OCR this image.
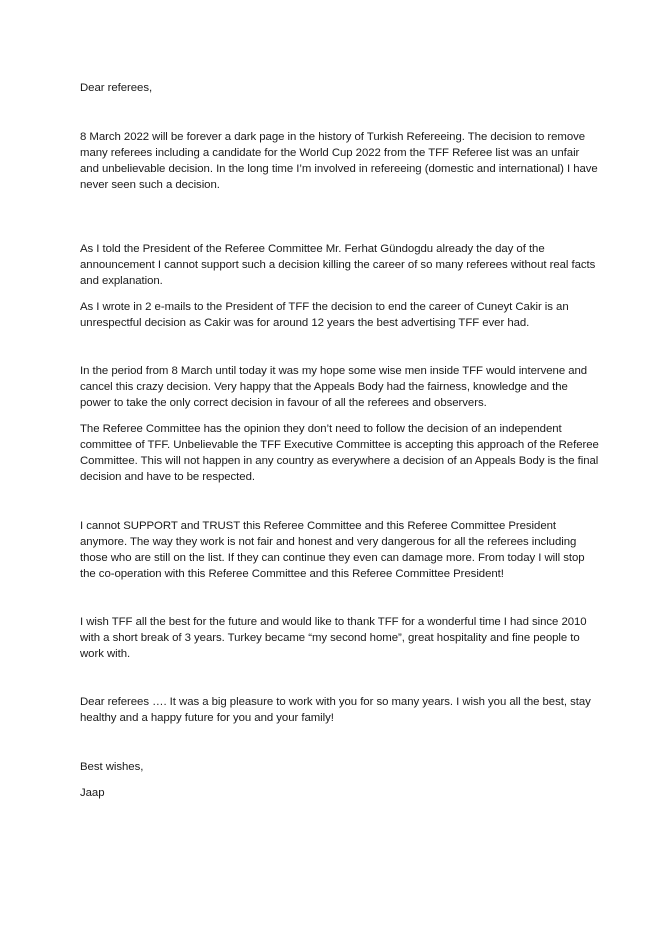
Dear referees,

8 March 2022 will be forever a dark page in the history of Turkish Refereeing. The decision to remove many referees including a candidate for the World Cup 2022 from the TFF Referee list was an unfair and unbelievable decision. In the long time I’m involved in refereeing (domestic and international) I have never seen such a decision.

As I told the President of the Referee Committee Mr. Ferhat Gündogdu already the day of the announcement I cannot support such a decision killing the career of so many referees without real facts and explanation.

As I wrote in 2 e-mails to the President of TFF the decision to end the career of Cuneyt Cakir is an unrespectful decision as Cakir was for around 12 years the best advertising TFF ever had.

In the period from 8 March until today it was my hope some wise men inside TFF would intervene and cancel this crazy decision. Very happy that the Appeals Body had the fairness, knowledge and the power to take the only correct decision in favour of all the referees and observers.

The Referee Committee has the opinion they don’t need to follow the decision of an independent committee of TFF. Unbelievable the TFF Executive Committee is accepting this approach of the Referee Committee. This will not happen in any country as everywhere a decision of an Appeals Body is the final decision and have to be respected.

I cannot SUPPORT and TRUST this Referee Committee and this Referee Committee President anymore. The way they work is not fair and honest and very dangerous for all the referees including those who are still on the list. If they can continue they even can damage more. From today I will stop the co-operation with this Referee Committee and this Referee Committee President!

I wish TFF all the best for the future and would like to thank TFF for a wonderful time I had since 2010 with a short break of 3 years. Turkey became “my second home”, great hospitality and fine people to work with.

Dear referees …. It was a big pleasure to work with you for so many years. I wish you all the best, stay healthy and a happy future for you and your family!

Best wishes,

Jaap
